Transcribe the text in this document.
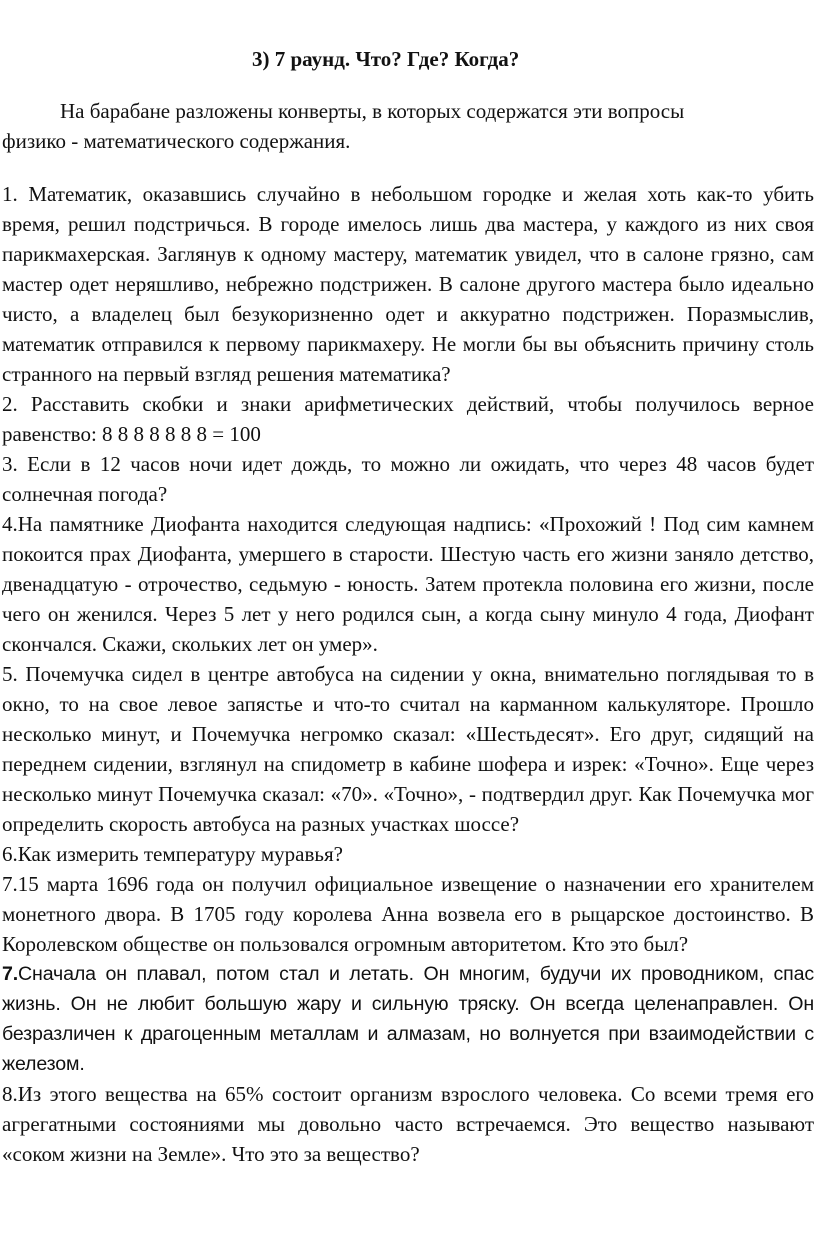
3) 7 раунд. Что? Где? Когда?

На барабане разложены конверты, в которых содержатся эти вопросы
физико - математического содержания.

1. Математик, оказавшись случайно в небольшом городке и желая хоть как-то убить время, решил подстричься. В городе имелось лишь два мастера, у каждого из них своя парикмахерская. Заглянув к одному мастеру, математик увидел, что в салоне грязно, сам мастер одет неряшливо, небрежно подстрижен. В салоне другого мастера было идеально чисто, а владелец был безукоризненно одет и аккуратно подстрижен. Поразмыслив, математик отправился к первому парикмахеру. Не могли бы вы объяснить причину столь странного на первый взгляд решения математика?

2. Расставить скобки и знаки арифметических действий, чтобы получилось верное равенство: 8 8 8 8 8 8 8 = 100

3. Если в 12 часов ночи идет дождь, то можно ли ожидать, что через 48 часов будет солнечная погода?

4.На памятнике Диофанта находится следующая надпись: «Прохожий ! Под сим камнем покоится прах Диофанта, умершего в старости. Шестую часть его жизни заняло детство, двенадцатую - отрочество, седьмую - юность. Затем протекла половина его жизни, после чего он женился. Через 5 лет у него родился сын, а когда сыну минуло 4 года, Диофант скончался. Скажи, скольких лет он умер».

5. Почемучка сидел в центре автобуса на сидении у окна, внимательно поглядывая то в окно, то на свое левое запястье и что-то считал на карманном калькуляторе. Прошло несколько минут, и Почемучка негромко сказал: «Шестьдесят». Его друг, сидящий на переднем сидении, взглянул на спидометр в кабине шофера и изрек: «Точно». Еще через несколько минут Почемучка сказал: «70». «Точно», - подтвердил друг. Как Почемучка мог определить скорость автобуса на разных участках шоссе?

6.Как измерить температуру муравья?

7.15 марта 1696 года он получил официальное извещение о назначении его хранителем монетного двора. В 1705 году королева Анна возвела его в рыцарское достоинство. В Королевском обществе он пользовался огромным авторитетом. Кто это был?

7.Сначала он плавал, потом стал и летать. Он многим, будучи их проводником, спас жизнь. Он не любит большую жару и сильную тряску. Он всегда целенаправлен. Он безразличен к драгоценным металлам и алмазам, но волнуется при взаимодействии с железом.

8.Из этого вещества на 65% состоит организм взрослого человека. Со всеми тремя его агрегатными состояниями мы довольно часто встречаемся. Это вещество называют «соком жизни на Земле». Что это за вещество?
